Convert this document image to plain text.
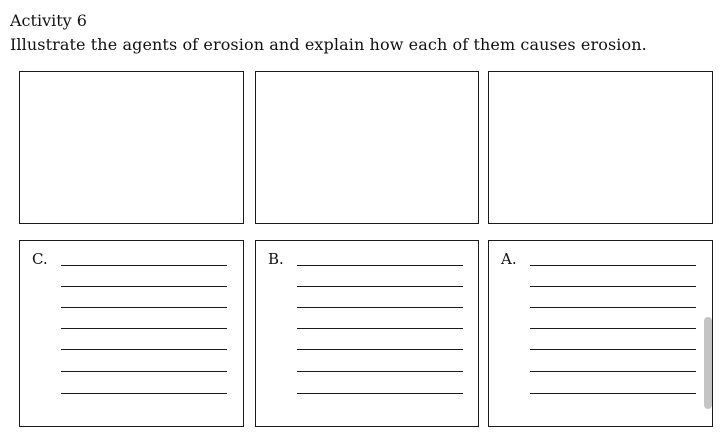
Activity 6
Illustrate the agents of erosion and explain how each of them causes erosion.
C.	B.	A.
